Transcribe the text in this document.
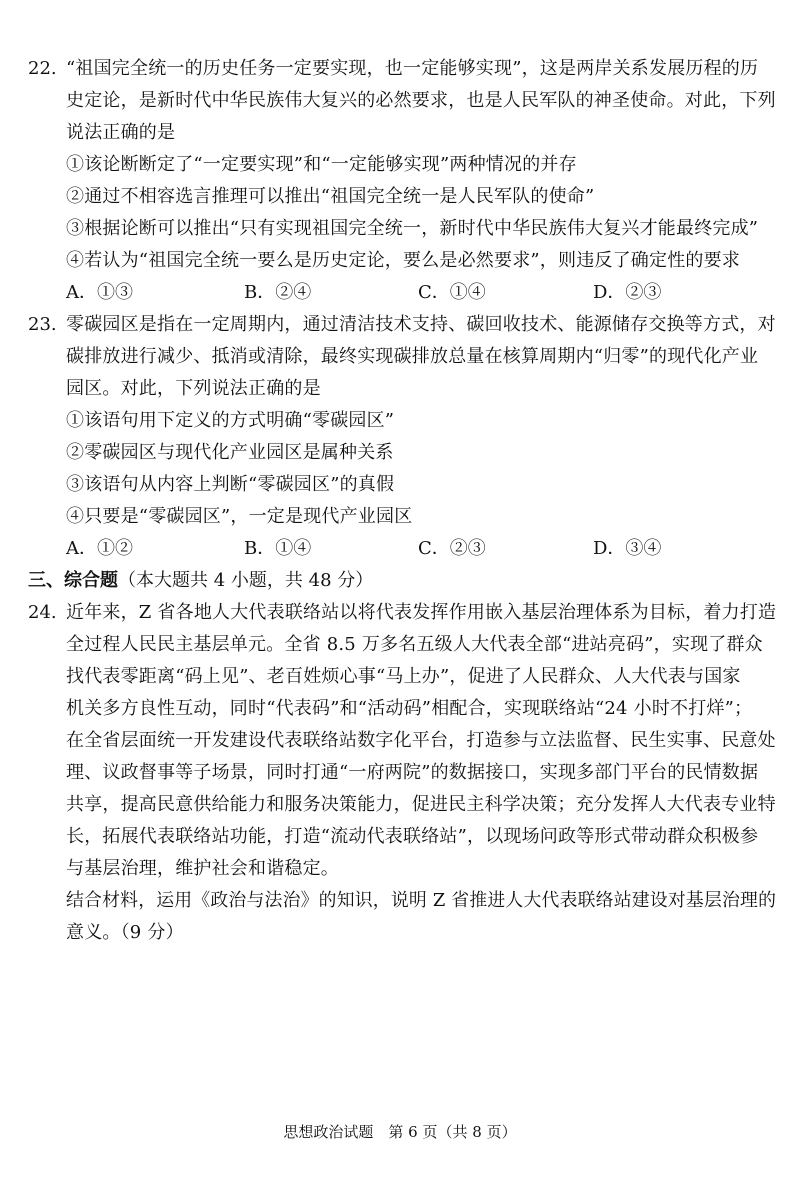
22. “祖国完全统一的历史任务一定要实现，也一定能够实现”，这是两岸关系发展历程的历
史定论，是新时代中华民族伟大复兴的必然要求，也是人民军队的神圣使命。对此，下列
说法正确的是
①该论断断定了“一定要实现”和“一定能够实现”两种情况的并存
②通过不相容选言推理可以推出“祖国完全统一是人民军队的使命”
③根据论断可以推出“只有实现祖国完全统一，新时代中华民族伟大复兴才能最终完成”
④若认为“祖国完全统一要么是历史定论，要么是必然要求”，则违反了确定性的要求
A．①③	B．②④	C．①④	D．②③
23. 零碳园区是指在一定周期内，通过清洁技术支持、碳回收技术、能源储存交换等方式，对
碳排放进行减少、抵消或清除，最终实现碳排放总量在核算周期内“归零”的现代化产业
园区。对此，下列说法正确的是
①该语句用下定义的方式明确“零碳园区”
②零碳园区与现代化产业园区是属种关系
③该语句从内容上判断“零碳园区”的真假
④只要是“零碳园区”，一定是现代产业园区
A．①②	B．①④	C．②③	D．③④
三、综合题（本大题共 4 小题，共 48 分）
24. 近年来，Z 省各地人大代表联络站以将代表发挥作用嵌入基层治理体系为目标，着力打造
全过程人民民主基层单元。全省 8.5 万多名五级人大代表全部“进站亮码”，实现了群众
找代表零距离“码上见”、老百姓烦心事“马上办”，促进了人民群众、人大代表与国家
机关多方良性互动，同时“代表码”和“活动码”相配合，实现联络站“24 小时不打烊”；
在全省层面统一开发建设代表联络站数字化平台，打造参与立法监督、民生实事、民意处
理、议政督事等子场景，同时打通“一府两院”的数据接口，实现多部门平台的民情数据
共享，提高民意供给能力和服务决策能力，促进民主科学决策；充分发挥人大代表专业特
长，拓展代表联络站功能，打造“流动代表联络站”，以现场问政等形式带动群众积极参
与基层治理，维护社会和谐稳定。
结合材料，运用《政治与法治》的知识，说明 Z 省推进人大代表联络站建设对基层治理的
意义。（9 分）
思想政治试题　第 6 页（共 8 页）
